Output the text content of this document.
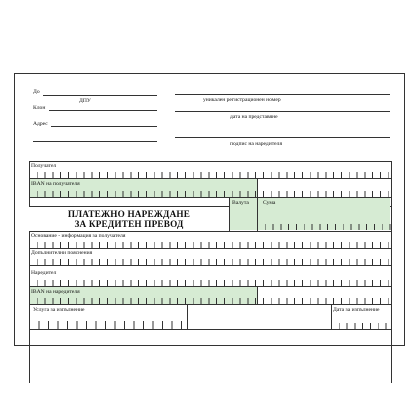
До
ДПУ
Клон
Адрес
уникален регистрационен номер
дата на представяне
подпис на наредителя
Получател
IBAN на получателя
ПЛАТЕЖНО НАРЕЖДАНЕ
ЗА КРЕДИТЕН ПРЕВОД
Валута	Сума
Основание - информация за получателя
Допълнителни пояснения
Наредител
IBAN на наредителя
Услуга за изпълнение	Дата за изпълнение
